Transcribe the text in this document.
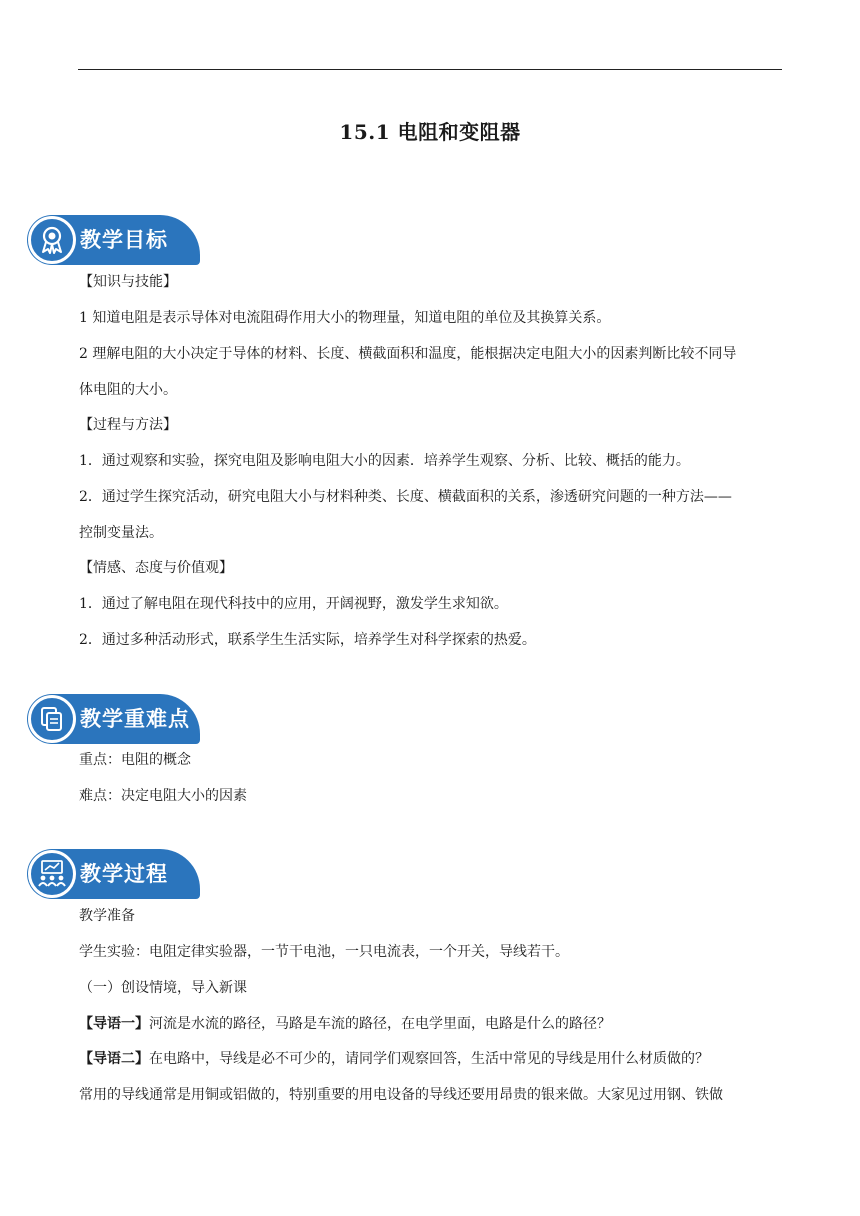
15.1 电阻和变阻器
教学目标
【知识与技能】
1 知道电阻是表示导体对电流阻碍作用大小的物理量，知道电阻的单位及其换算关系。
2 理解电阻的大小决定于导体的材料、长度、横截面积和温度，能根据决定电阻大小的因素判断比较不同导
体电阻的大小。
【过程与方法】
1．通过观察和实验，探究电阻及影响电阻大小的因素．培养学生观察、分析、比较、概括的能力。
2．通过学生探究活动，研究电阻大小与材料种类、长度、横截面积的关系，渗透研究问题的一种方法——
控制变量法。
【情感、态度与价值观】
1．通过了解电阻在现代科技中的应用，开阔视野，激发学生求知欲。
2．通过多种活动形式，联系学生生活实际，培养学生对科学探索的热爱。
教学重难点
重点：电阻的概念
难点：决定电阻大小的因素
教学过程
教学准备
学生实验：电阻定律实验器，一节干电池，一只电流表，一个开关，导线若干。
（一）创设情境，导入新课
【导语一】河流是水流的路径，马路是车流的路径，在电学里面，电路是什么的路径？
【导语二】在电路中，导线是必不可少的，请同学们观察回答，生活中常见的导线是用什么材质做的？
常用的导线通常是用铜或铝做的，特别重要的用电设备的导线还要用昂贵的银来做。大家见过用钢、铁做
